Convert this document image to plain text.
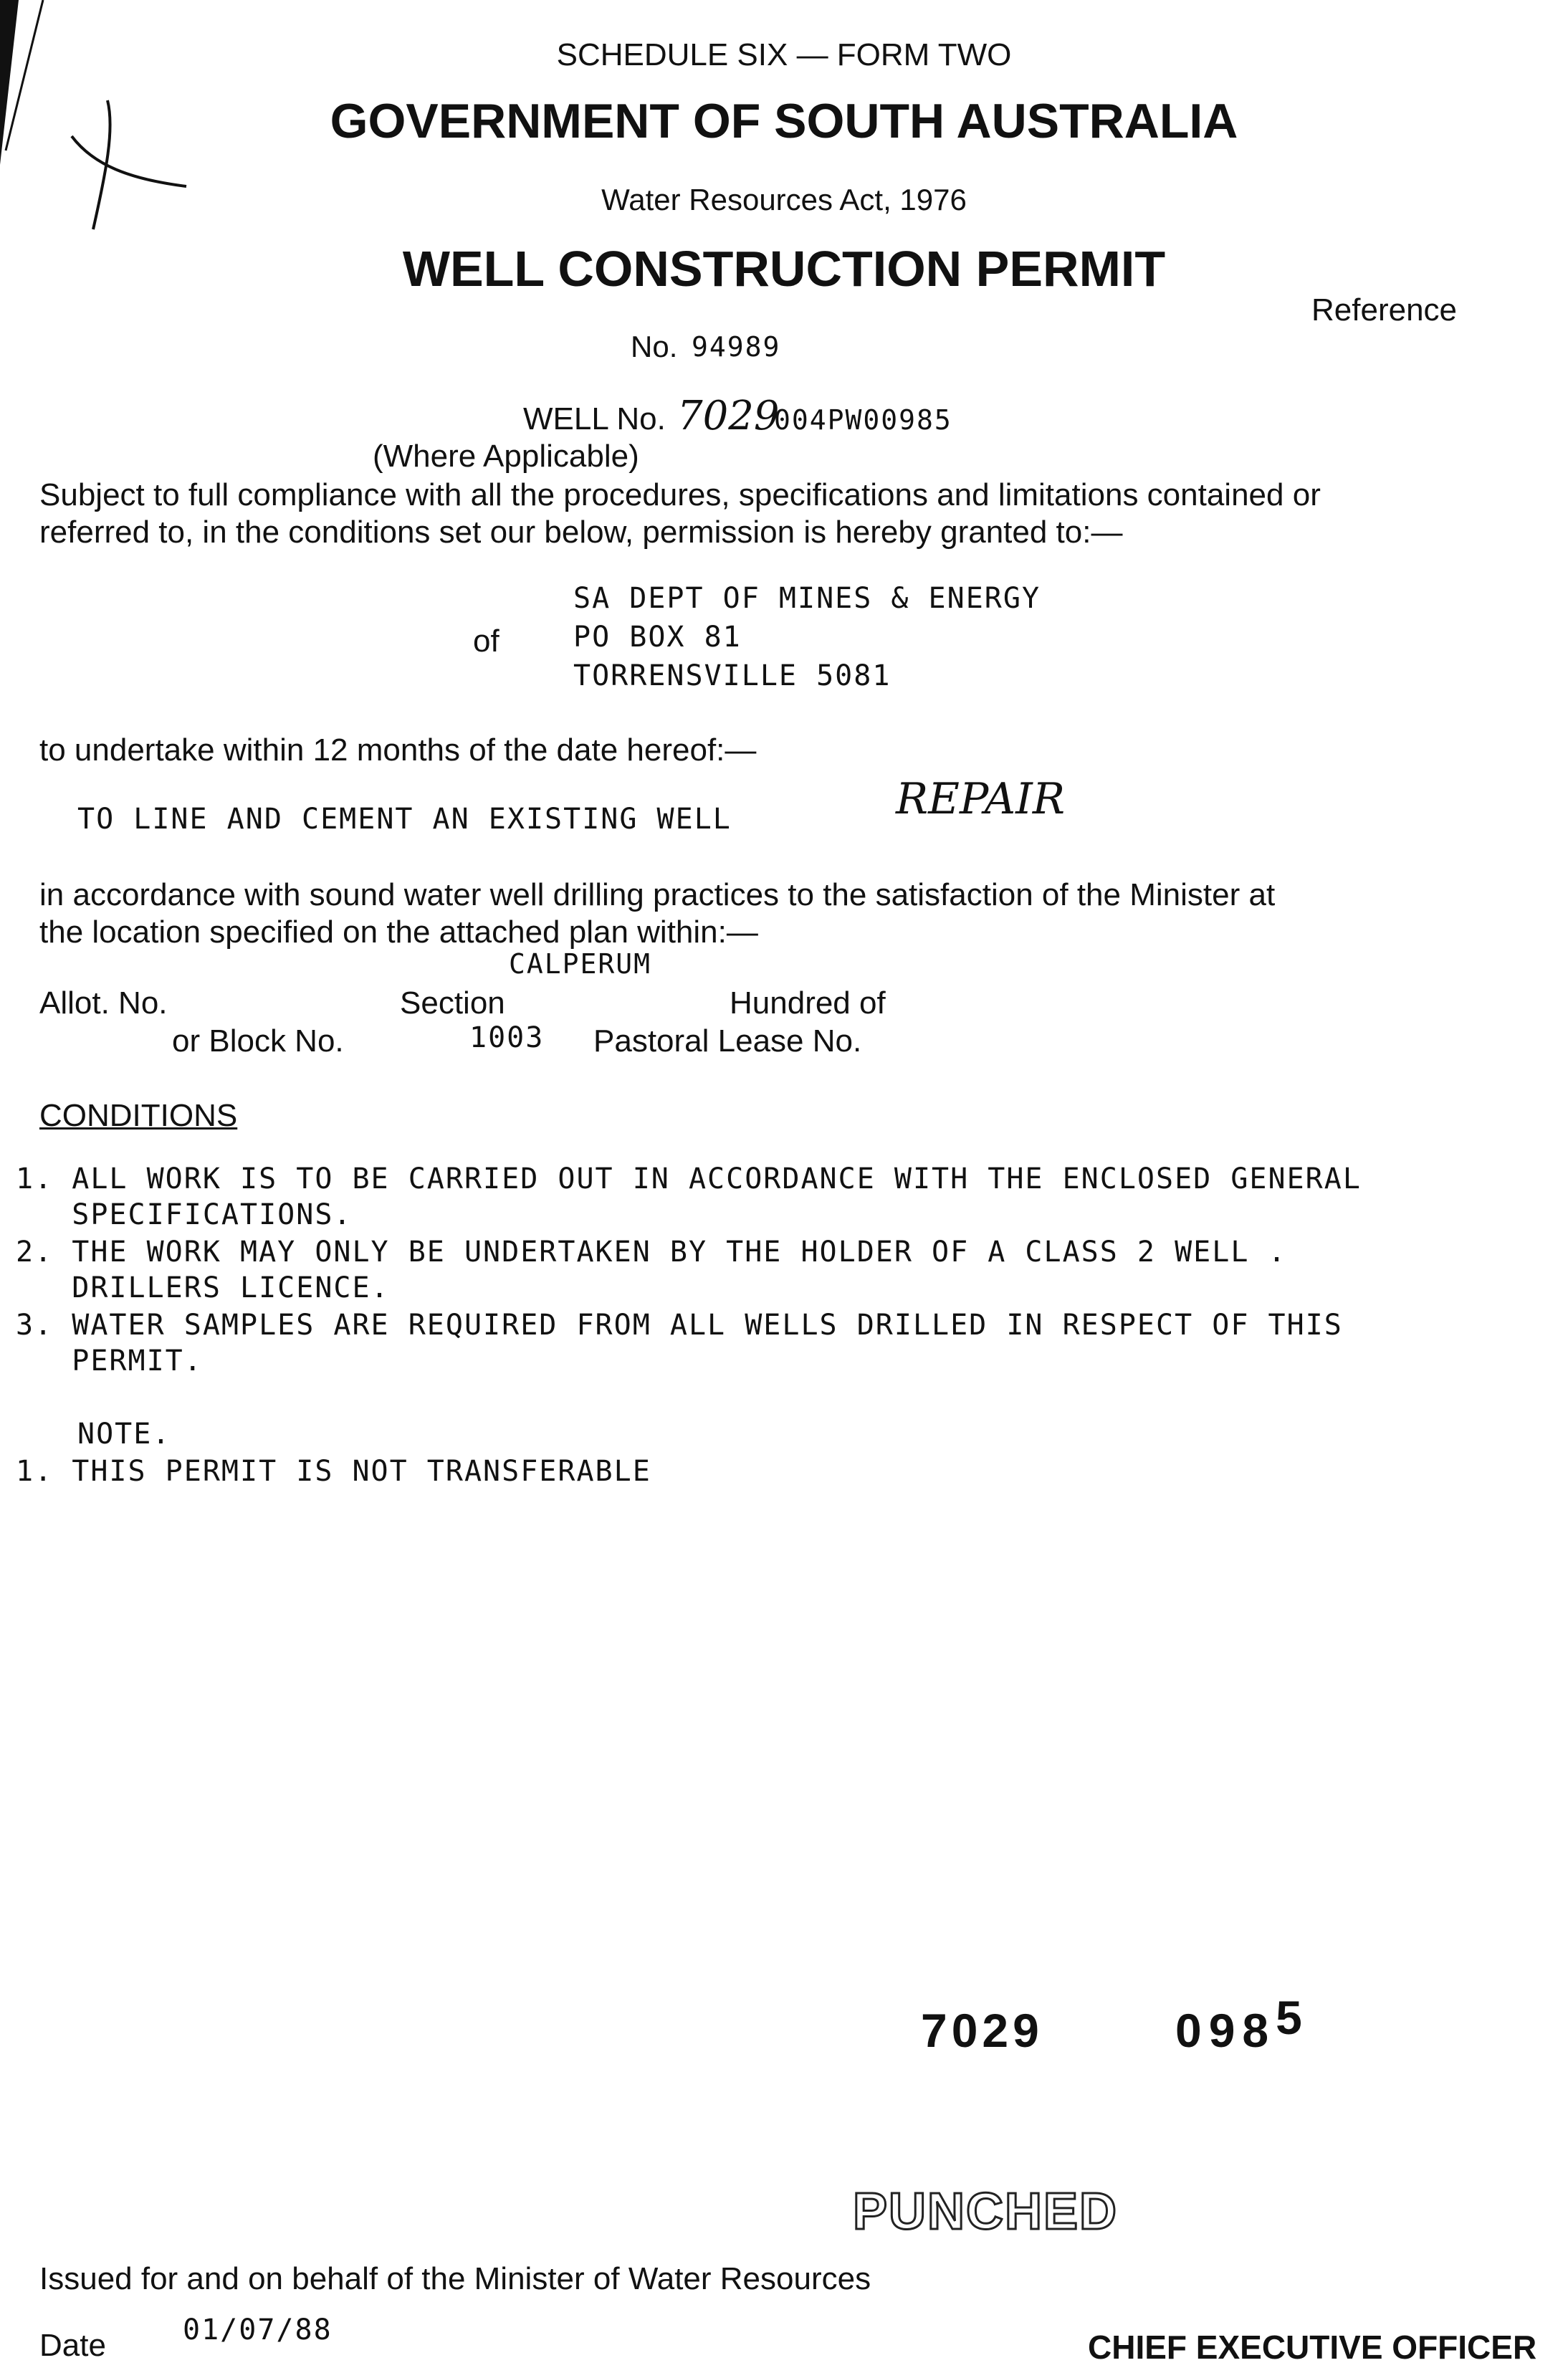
SCHEDULE SIX — FORM TWO
GOVERNMENT OF SOUTH AUSTRALIA
Water Resources Act, 1976
WELL CONSTRUCTION PERMIT
Reference
No. 94989
WELL No. 7029
004PW00985
(Where Applicable)
Subject to full compliance with all the procedures, specifications and limitations contained or
referred to, in the conditions set our below, permission is hereby granted to:—
of
SA DEPT OF MINES & ENERGY
PO BOX 81
TORRENSVILLE 5081
to undertake within 12 months of the date hereof:—
TO LINE AND CEMENT AN EXISTING WELL	REPAIR
in accordance with sound water well drilling practices to the satisfaction of the Minister at
the location specified on the attached plan within:—
CALPERUM
Allot. No.	Section	Hundred of
or Block No.	1003 Pastoral Lease No.
CONDITIONS
1. ALL WORK IS TO BE CARRIED OUT IN ACCORDANCE WITH THE ENCLOSED GENERAL
SPECIFICATIONS.
2. THE WORK MAY ONLY BE UNDERTAKEN BY THE HOLDER OF A CLASS 2 WELL .
DRILLERS LICENCE.
3. WATER SAMPLES ARE REQUIRED FROM ALL WELLS DRILLED IN RESPECT OF THIS
PERMIT.
NOTE.
1. THIS PERMIT IS NOT TRANSFERABLE
7029	$098^5$
PUNCHED
Issued for and on behalf of the Minister of Water Resources
Date	01/07/88	CHIEF EXECUTIVE OFFICER
